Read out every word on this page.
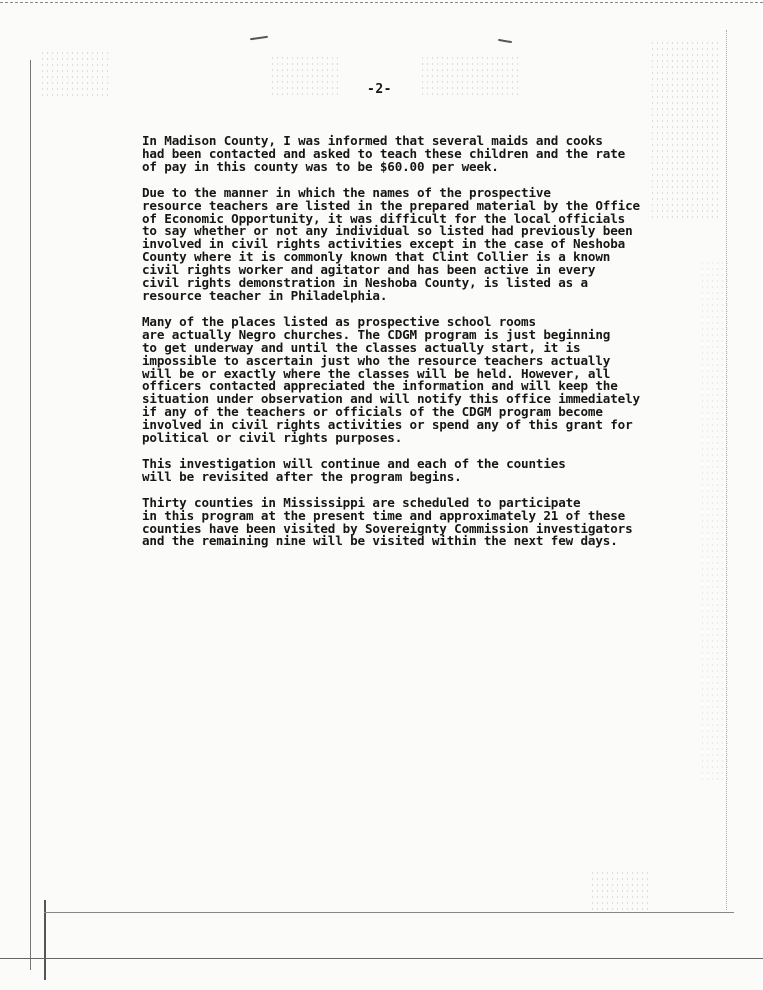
-2-

In Madison County, I was informed that several maids and cooks
had been contacted and asked to teach these children and the rate
of pay in this county was to be $60.00 per week.

Due to the manner in which the names of the prospective
resource teachers are listed in the prepared material by the Office
of Economic Opportunity, it was difficult for the local officials
to say whether or not any individual so listed had previously been
involved in civil rights activities except in the case of Neshoba
County where it is commonly known that Clint Collier is a known
civil rights worker and agitator and has been active in every
civil rights demonstration in Neshoba County, is listed as a
resource teacher in Philadelphia.

Many of the places listed as prospective school rooms
are actually Negro churches. The CDGM program is just beginning
to get underway and until the classes actually start, it is
impossible to ascertain just who the resource teachers actually
will be or exactly where the classes will be held. However, all
officers contacted appreciated the information and will keep the
situation under observation and will notify this office immediately
if any of the teachers or officials of the CDGM program become
involved in civil rights activities or spend any of this grant for
political or civil rights purposes.

This investigation will continue and each of the counties
will be revisited after the program begins.

Thirty counties in Mississippi are scheduled to participate
in this program at the present time and approximately 21 of these
counties have been visited by Sovereignty Commission investigators
and the remaining nine will be visited within the next few days.
